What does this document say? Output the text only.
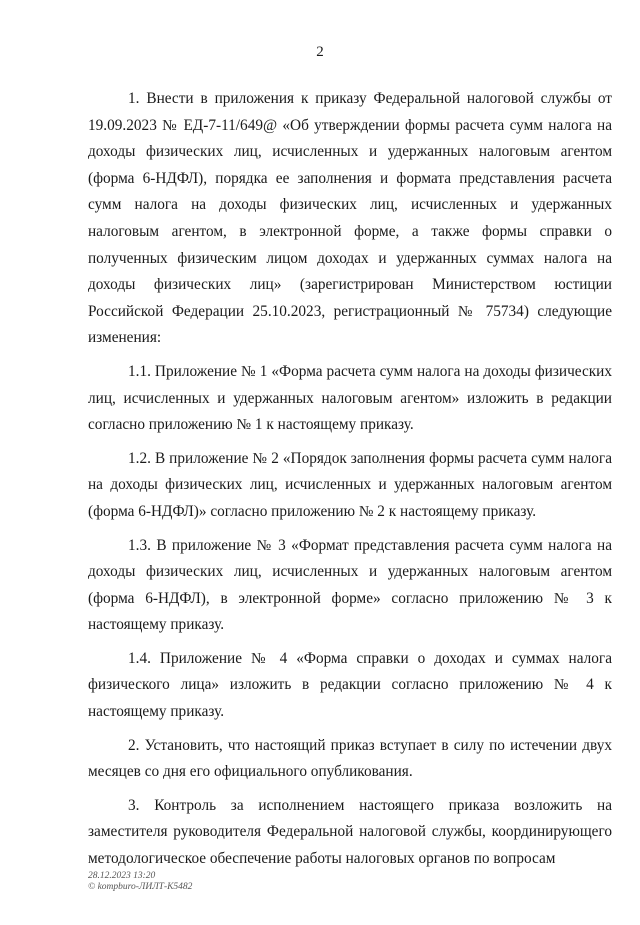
2

1. Внести в приложения к приказу Федеральной налоговой службы от 19.09.2023 № ЕД-7-11/649@ «Об утверждении формы расчета сумм налога на доходы физических лиц, исчисленных и удержанных налоговым агентом (форма 6-НДФЛ), порядка ее заполнения и формата представления расчета сумм налога на доходы физических лиц, исчисленных и удержанных налоговым агентом, в электронной форме, а также формы справки о полученных физическим лицом доходах и удержанных суммах налога на доходы физических лиц» (зарегистрирован Министерством юстиции Российской Федерации 25.10.2023, регистрационный № 75734) следующие изменения:

1.1. Приложение № 1 «Форма расчета сумм налога на доходы физических лиц, исчисленных и удержанных налоговым агентом» изложить в редакции согласно приложению № 1 к настоящему приказу.

1.2. В приложение № 2 «Порядок заполнения формы расчета сумм налога на доходы физических лиц, исчисленных и удержанных налоговым агентом (форма 6-НДФЛ)» согласно приложению № 2 к настоящему приказу.

1.3. В приложение № 3 «Формат представления расчета сумм налога на доходы физических лиц, исчисленных и удержанных налоговым агентом (форма 6-НДФЛ), в электронной форме» согласно приложению № 3 к настоящему приказу.

1.4. Приложение № 4 «Форма справки о доходах и суммах налога физического лица» изложить в редакции согласно приложению № 4 к настоящему приказу.

2. Установить, что настоящий приказ вступает в силу по истечении двух месяцев со дня его официального опубликования.

3. Контроль за исполнением настоящего приказа возложить на заместителя руководителя Федеральной налоговой службы, координирующего методологическое обеспечение работы налоговых органов по вопросам

28.12.2023 13:20
© kompburo-ЛИЛТ-К5482
